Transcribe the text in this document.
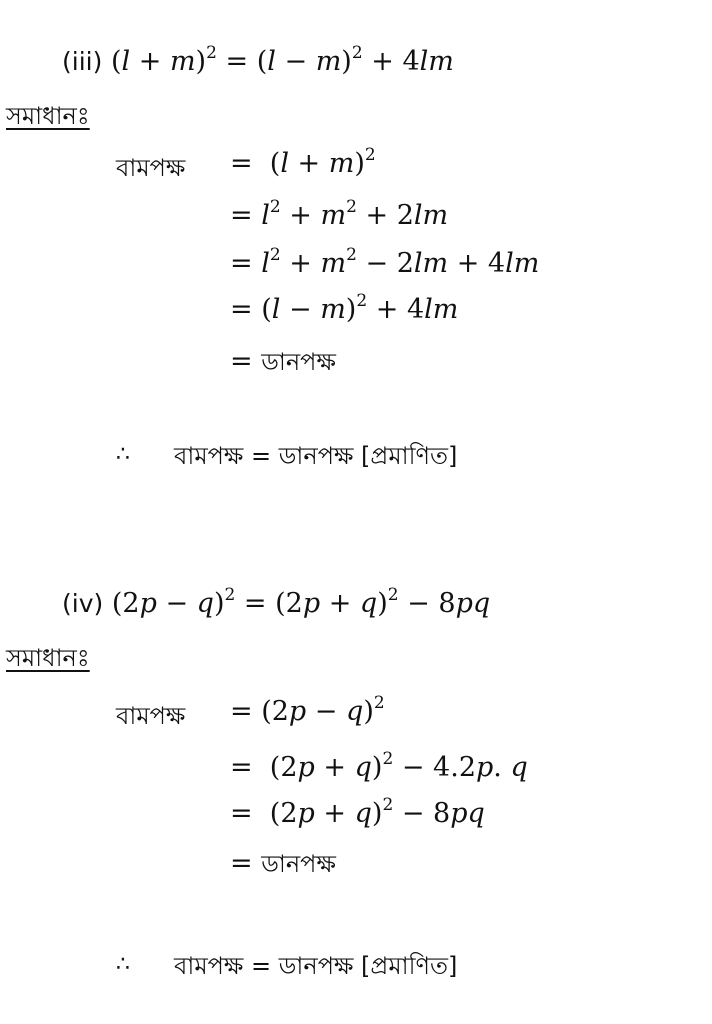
(iii) $(l + m)^2 = (l - m)^2 + 4lm$
সমাধানঃ
বামপক্ষ =  $(l + m)^2$
= $l^2 + m^2 + 2lm$
= $l^2 + m^2 - 2lm + 4lm$
= $(l - m)^2 + 4lm$
= ডানপক্ষ
∴ বামপক্ষ = ডানপক্ষ [প্রমাণিত]
(iv) $(2p - q)^2 = (2p + q)^2 - 8pq$
সমাধানঃ
বামপক্ষ = $(2p - q)^2$
=  $(2p + q)^2 - 4.2p$. q
=  $(2p + q)^2 - 8pq$
= ডানপক্ষ
∴ বামপক্ষ = ডানপক্ষ [প্রমাণিত]
